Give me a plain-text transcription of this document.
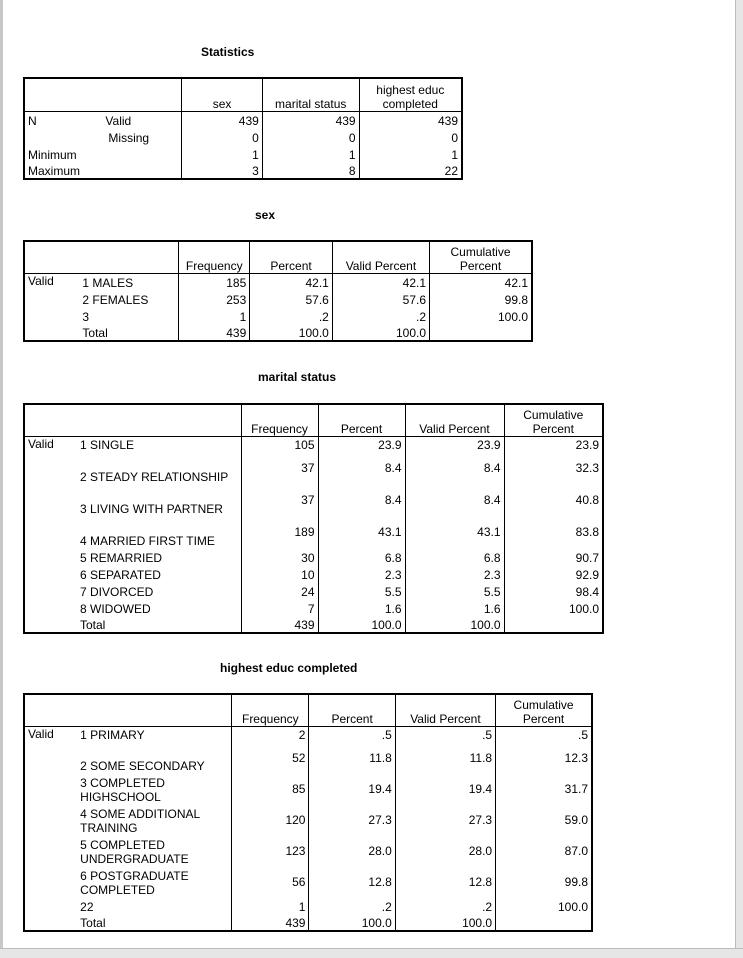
Statistics
		sex	marital status	highest educ completed
N	Valid	439	439	439
	Missing	0	0	0
Minimum		1	1	1
Maximum		3	8	22
sex
		Frequency	Percent	Valid Percent	Cumulative Percent
Valid	1 MALES	185	42.1	42.1	42.1
	2 FEMALES	253	57.6	57.6	99.8
	3	1	.2	.2	100.0
	Total	439	100.0	100.0	
marital status
		Frequency	Percent	Valid Percent	Cumulative Percent
Valid	1 SINGLE	105	23.9	23.9	23.9
	2 STEADY RELATIONSHIP	37	8.4	8.4	32.3
	3 LIVING WITH PARTNER	37	8.4	8.4	40.8
	4 MARRIED FIRST TIME	189	43.1	43.1	83.8
	5 REMARRIED	30	6.8	6.8	90.7
	6 SEPARATED	10	2.3	2.3	92.9
	7 DIVORCED	24	5.5	5.5	98.4
	8 WIDOWED	7	1.6	1.6	100.0
	Total	439	100.0	100.0	
highest educ completed
		Frequency	Percent	Valid Percent	Cumulative Percent
Valid	1 PRIMARY	2	.5	.5	.5
	2 SOME SECONDARY	52	11.8	11.8	12.3
	3 COMPLETED HIGHSCHOOL	85	19.4	19.4	31.7
	4 SOME ADDITIONAL TRAINING	120	27.3	27.3	59.0
	5 COMPLETED UNDERGRADUATE	123	28.0	28.0	87.0
	6 POSTGRADUATE COMPLETED	56	12.8	12.8	99.8
	22	1	.2	.2	100.0
	Total	439	100.0	100.0	
